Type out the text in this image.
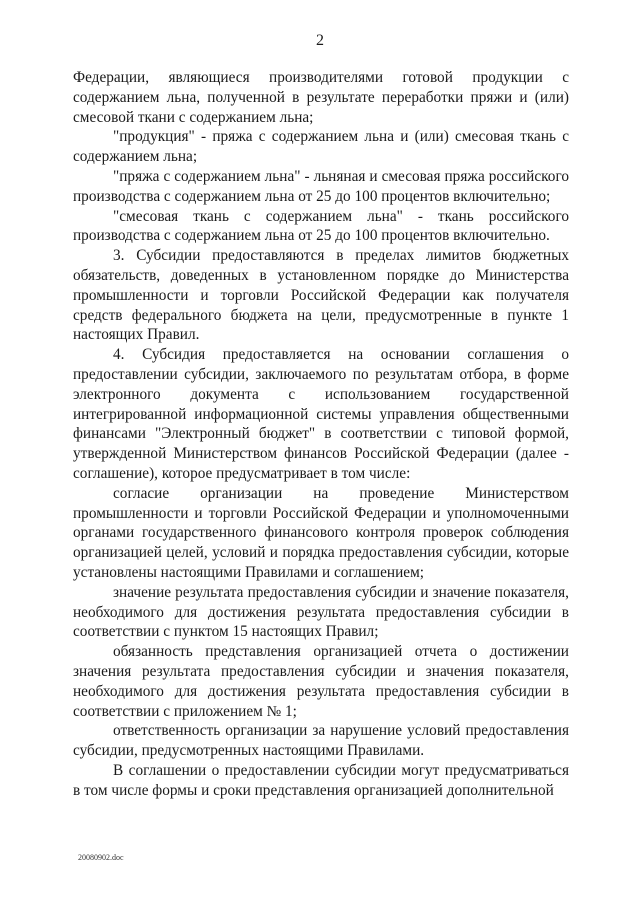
2

Федерации, являющиеся производителями готовой продукции с содержанием льна, полученной в результате переработки пряжи и (или) смесовой ткани с содержанием льна;

"продукция" - пряжа с содержанием льна и (или) смесовая ткань с содержанием льна;

"пряжа с содержанием льна" - льняная и смесовая пряжа российского производства с содержанием льна от 25 до 100 процентов включительно;

"смесовая ткань с содержанием льна" - ткань российского производства с содержанием льна от 25 до 100 процентов включительно.

3. Субсидии предоставляются в пределах лимитов бюджетных обязательств, доведенных в установленном порядке до Министерства промышленности и торговли Российской Федерации как получателя средств федерального бюджета на цели, предусмотренные в пункте 1 настоящих Правил.

4. Субсидия предоставляется на основании соглашения о предоставлении субсидии, заключаемого по результатам отбора, в форме электронного документа с использованием государственной интегрированной информационной системы управления общественными финансами "Электронный бюджет" в соответствии с типовой формой, утвержденной Министерством финансов Российской Федерации (далее - соглашение), которое предусматривает в том числе:

согласие организации на проведение Министерством промышленности и торговли Российской Федерации и уполномоченными органами государственного финансового контроля проверок соблюдения организацией целей, условий и порядка предоставления субсидии, которые установлены настоящими Правилами и соглашением;

значение результата предоставления субсидии и значение показателя, необходимого для достижения результата предоставления субсидии в соответствии с пунктом 15 настоящих Правил;

обязанность представления организацией отчета о достижении значения результата предоставления субсидии и значения показателя, необходимого для достижения результата предоставления субсидии в соответствии с приложением № 1;

ответственность организации за нарушение условий предоставления субсидии, предусмотренных настоящими Правилами.

В соглашении о предоставлении субсидии могут предусматриваться в том числе формы и сроки представления организацией дополнительной

20080902.doc
